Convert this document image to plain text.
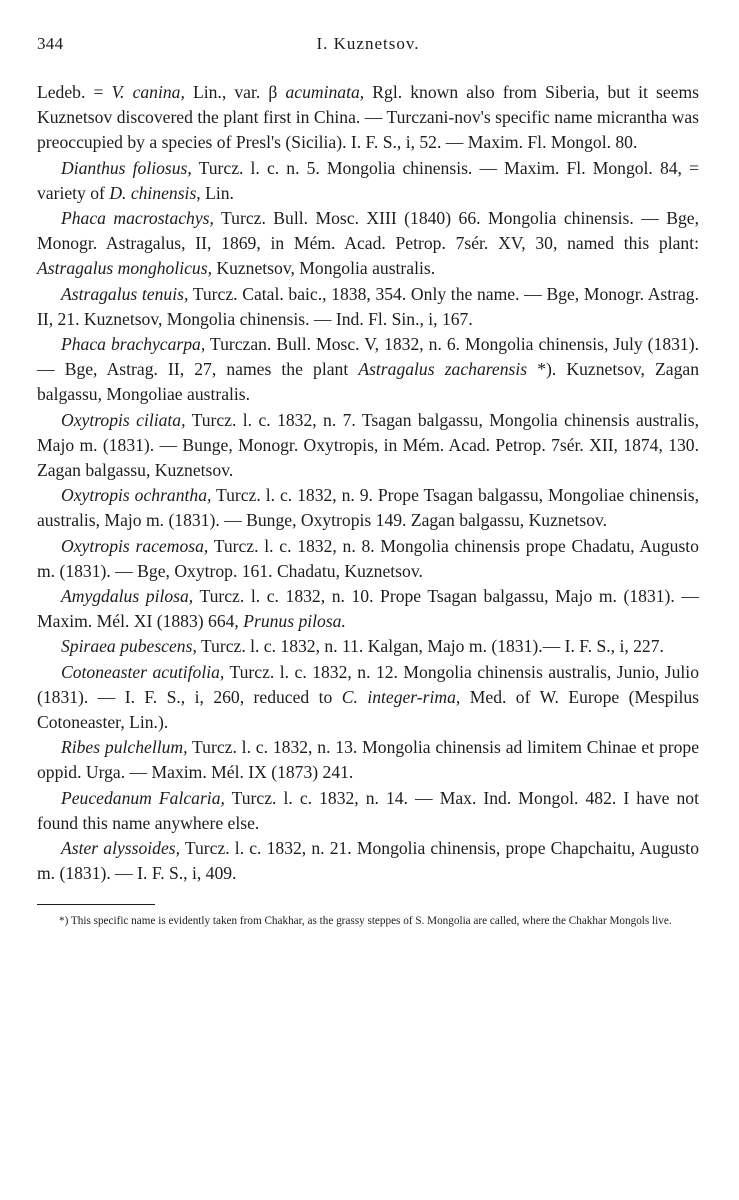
344	I. Kuznetsov.

Ledeb. = V. canina, Lin., var. β acuminata, Rgl. known also from Siberia, but it seems Kuznetsov discovered the plant first in China. — Turczani-nov's specific name micrantha was preoccupied by a species of Presl's (Sicilia). I. F. S., i, 52. — Maxim. Fl. Mongol. 80.

Dianthus foliosus, Turcz. l. c. n. 5. Mongolia chinensis. — Maxim. Fl. Mongol. 84, = variety of D. chinensis, Lin.

Phaca macrostachys, Turcz. Bull. Mosc. XIII (1840) 66. Mongolia chinensis. — Bge, Monogr. Astragalus, II, 1869, in Mém. Acad. Petrop. 7sér. XV, 30, named this plant: Astragalus mongholicus, Kuznetsov, Mongolia australis.

Astragalus tenuis, Turcz. Catal. baic., 1838, 354. Only the name. — Bge, Monogr. Astrag. II, 21. Kuznetsov, Mongolia chinensis. — Ind. Fl. Sin., i, 167.

Phaca brachycarpa, Turczan. Bull. Mosc. V, 1832, n. 6. Mongolia chinensis, July (1831). — Bge, Astrag. II, 27, names the plant Astragalus zacharensis *). Kuznetsov, Zagan balgassu, Mongoliae australis.

Oxytropis ciliata, Turcz. l. c. 1832, n. 7. Tsagan balgassu, Mongolia chinensis australis, Majo m. (1831). — Bunge, Monogr. Oxytropis, in Mém. Acad. Petrop. 7sér. XII, 1874, 130. Zagan balgassu, Kuznetsov.

Oxytropis ochrantha, Turcz. l. c. 1832, n. 9. Prope Tsagan balgassu, Mongoliae chinensis, australis, Majo m. (1831). — Bunge, Oxytropis 149. Zagan balgassu, Kuznetsov.

Oxytropis racemosa, Turcz. l. c. 1832, n. 8. Mongolia chinensis prope Chadatu, Augusto m. (1831). — Bge, Oxytrop. 161. Chadatu, Kuznetsov.

Amygdalus pilosa, Turcz. l. c. 1832, n. 10. Prope Tsagan balgassu, Majo m. (1831). — Maxim. Mél. XI (1883) 664, Prunus pilosa.

Spiraea pubescens, Turcz. l. c. 1832, n. 11. Kalgan, Majo m. (1831).— I. F. S., i, 227.

Cotoneaster acutifolia, Turcz. l. c. 1832, n. 12. Mongolia chinensis australis, Junio, Julio (1831). — I. F. S., i, 260, reduced to C. integer-rima, Med. of W. Europe (Mespilus Cotoneaster, Lin.).

Ribes pulchellum, Turcz. l. c. 1832, n. 13. Mongolia chinensis ad limitem Chinae et prope oppid. Urga. — Maxim. Mél. IX (1873) 241.

Peucedanum Falcaria, Turcz. l. c. 1832, n. 14. — Max. Ind. Mongol. 482. I have not found this name anywhere else.

Aster alyssoides, Turcz. l. c. 1832, n. 21. Mongolia chinensis, prope Chapchaitu, Augusto m. (1831). — I. F. S., i, 409.

*) This specific name is evidently taken from Chakhar, as the grassy steppes of S. Mongolia are called, where the Chakhar Mongols live.
